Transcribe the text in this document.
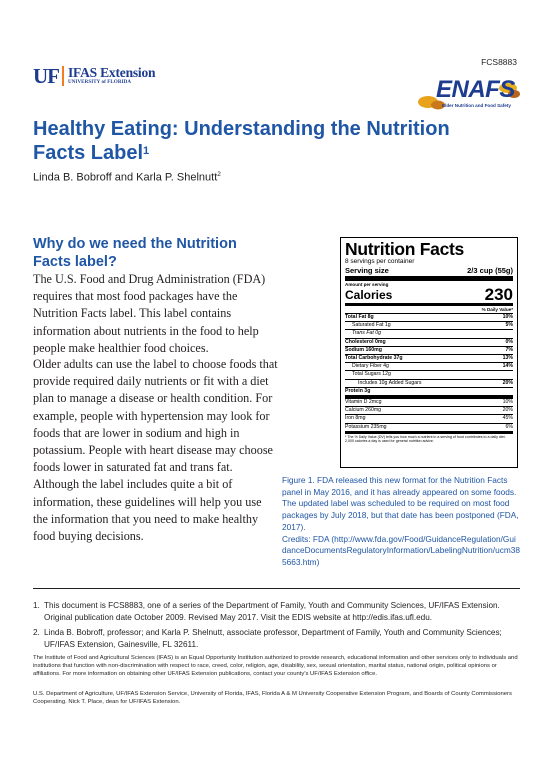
UF IFAS Extension
UNIVERSITY of FLORIDA
FCS8883
ENAFS
Elder Nutrition and Food Safety
Healthy Eating: Understanding the Nutrition Facts Label$^1$
Linda B. Bobroff and Karla P. Shelnutt$^2$
Why do we need the Nutrition Facts label?
The U.S. Food and Drug Administration (FDA) requires that most food packages have the Nutrition Facts label. This label contains information about nutrients in the food to help people make healthier food choices.
Older adults can use the label to choose foods that provide required daily nutrients or fit with a diet plan to manage a disease or health condition. For example, people with hypertension may look for foods that are lower in sodium and high in potassium. People with heart disease may choose foods lower in saturated fat and trans fat. Although the label includes quite a bit of information, these guidelines will help you use the information that you need to make healthy food buying decisions.
Nutrition Facts
8 servings per container
Serving size	2/3 cup (55g)
Amount per serving
Calories	230
% Daily Value*
Total Fat 8g	10%
Saturated Fat 1g	5%
Trans Fat 0g
Cholesterol 0mg	0%
Sodium 160mg	7%
Total Carbohydrate 37g	13%
Dietary Fiber 4g	14%
Total Sugars 12g
Includes 10g Added Sugars	20%
Protein 3g
Vitamin D 2mcg	10%
Calcium 260mg	20%
Iron 8mg	45%
Potassium 235mg	6%
* The % Daily Value (DV) tells you how much a nutrient in a serving of food contributes to a daily diet. 2,000 calories a day is used for general nutrition advice.
Figure 1. FDA released this new format for the Nutrition Facts panel in May 2016, and it has already appeared on some foods. The updated label was scheduled to be required on most food packages by July 2018, but that date has been postponed (FDA, 2017).
Credits: FDA (http://www.fda.gov/Food/GuidanceRegulation/GuidanceDocumentsRegulatoryInformation/LabelingNutrition/ucm385663.htm)
1. This document is FCS8883, one of a series of the Department of Family, Youth and Community Sciences, UF/IFAS Extension. Original publication date October 2009. Revised May 2017. Visit the EDIS website at http://edis.ifas.ufl.edu.
2. Linda B. Bobroff, professor; and Karla P. Shelnutt, associate professor, Department of Family, Youth and Community Sciences; UF/IFAS Extension, Gainesville, FL 32611.
The Institute of Food and Agricultural Sciences (IFAS) is an Equal Opportunity Institution authorized to provide research, educational information and other services only to individuals and institutions that function with non-discrimination with respect to race, creed, color, religion, age, disability, sex, sexual orientation, marital status, national origin, political opinions or affiliations. For more information on obtaining other UF/IFAS Extension publications, contact your county's UF/IFAS Extension office.
U.S. Department of Agriculture, UF/IFAS Extension Service, University of Florida, IFAS, Florida A & M University Cooperative Extension Program, and Boards of County Commissioners Cooperating. Nick T. Place, dean for UF/IFAS Extension.
